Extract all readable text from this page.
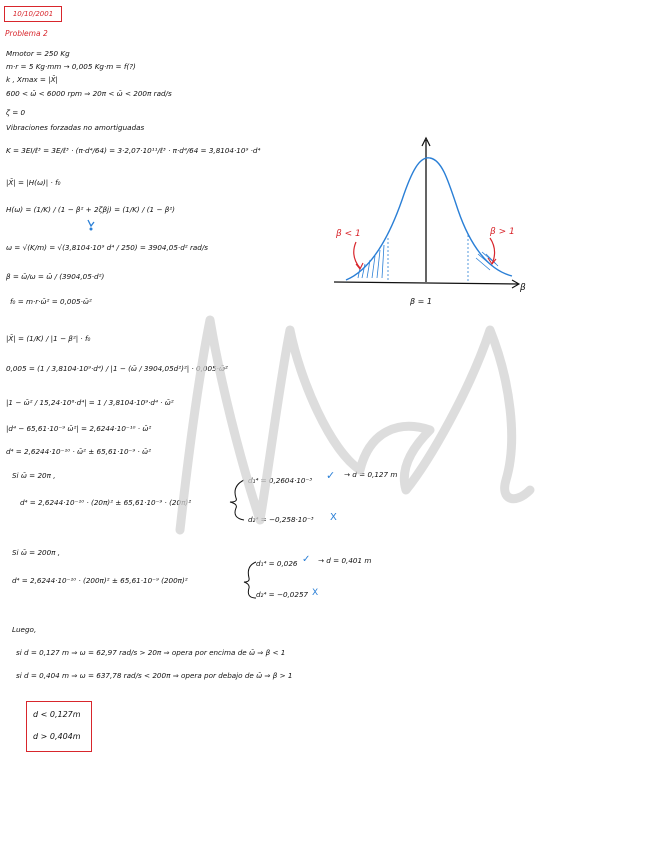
10/10/2001
Problema 2
Mmotor = 250 Kg
m·r = 5 Kg·mm → 0,005 Kg·m = f(?)
k , Xmax = |X̄|
600 < ω̄ < 6000 rpm ⇒ 20π < ω̄ < 200π rad/s
ζ = 0
Vibraciones forzadas no amortiguadas
K = 3EI/ℓ³ = 3E/ℓ³ · (π·d⁴/64) = 3·2,07·10¹¹/ℓ³ · π·d⁴/64 = 3,8104·10⁹ ·d⁴
|X̄| = |H(ω)| · f₀
H(ω) = (1/K) / (1 − β² + 2ζβj) = (1/K) / (1 − β²)
ω = √(K/m) = √(3,8104·10⁹ d⁴ / 250) = 3904,05·d² rad/s
β = ω̄/ω = ω̄ / (3904,05·d²)
f₀ = m·r·ω̄² = 0,005·ω̄²
|X̄| = (1/K) / |1 − β²| · f₀
0,005 = (1 / 3,8104·10⁹·d⁴) / |1 − (ω̄ / 3904,05d²)²| · 0,005·ω̄²
|1 − ω̄² / 15,24·10⁶·d⁴| = 1 / 3,8104·10⁹·d⁴ · ω̄²
|d⁴ − 65,61·10⁻⁹ ω̄²| = 2,6244·10⁻¹⁰ · ω̄²
d⁴ = 2,6244·10⁻¹⁰ · ω̄² ± 65,61·10⁻⁹ · ω̄²
Si ω̄ = 20π ,
d⁴ = 2,6244·10⁻¹⁰ · (20π)² ± 65,61·10⁻⁹ · (20π)²
d₁⁴ = 0,2604·10⁻³ ✓ → d = 0,127 m
d₂⁴ = −0,258·10⁻³ X
Si ω̄ = 200π ,
d⁴ = 2,6244·10⁻¹⁰ · (200π)² ± 65,61·10⁻⁹ (200π)²
d₁⁴ = 0,026 ✓ → d = 0,401 m
d₂⁴ = −0,0257 X
Luego,
si d = 0,127 m ⇒ ω = 62,97 rad/s > 20π ⇒ opera por encima de ω̄ ⇒ β < 1
si d = 0,404 m ⇒ ω = 637,78 rad/s < 200π ⇒ opera por debajo de ω̄ ⇒ β > 1
d < 0,127m
d > 0,404m
β < 1	β > 1
β
β = 1
